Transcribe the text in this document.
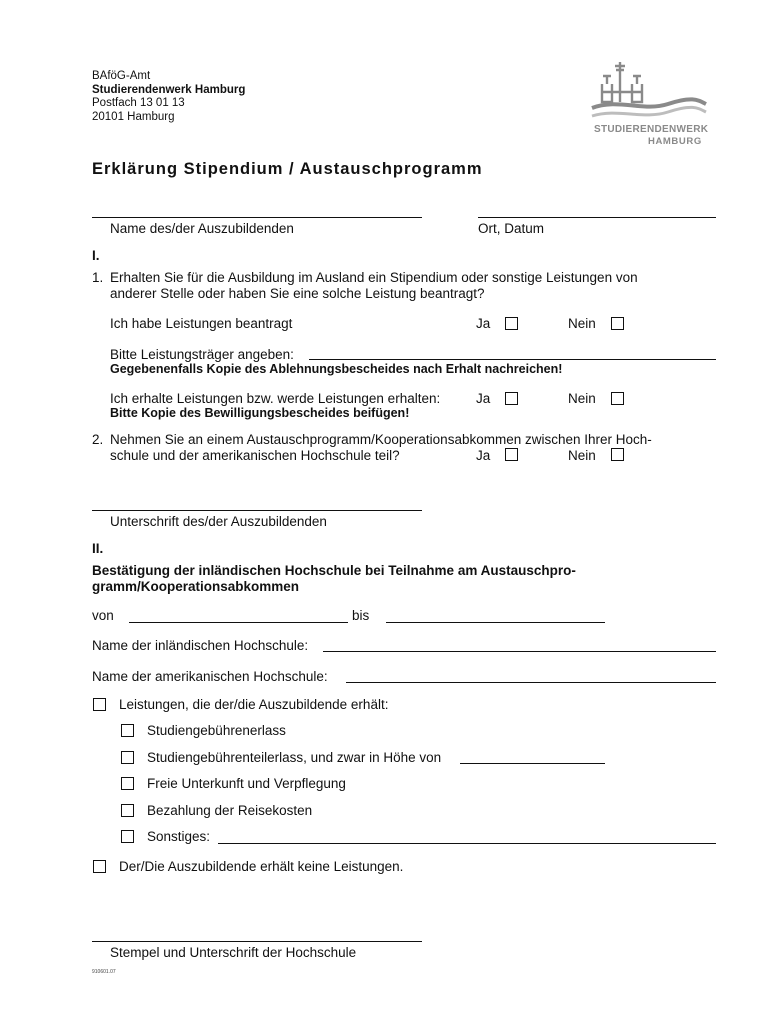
BAföG-Amt
Studierendenwerk Hamburg
Postfach 13 01 13
20101 Hamburg
STUDIERENDENWERK
HAMBURG
Erklärung Stipendium / Austauschprogramm
Name des/der Auszubildenden	Ort, Datum
I.
1. Erhalten Sie für die Ausbildung im Ausland ein Stipendium oder sonstige Leistungen von
anderer Stelle oder haben Sie eine solche Leistung beantragt?
Ich habe Leistungen beantragt	Ja	Nein
Bitte Leistungsträger angeben:
Gegebenenfalls Kopie des Ablehnungsbescheides nach Erhalt nachreichen!
Ich erhalte Leistungen bzw. werde Leistungen erhalten:	Ja	Nein
Bitte Kopie des Bewilligungsbescheides beifügen!
2. Nehmen Sie an einem Austauschprogramm/Kooperationsabkommen zwischen Ihrer Hoch-
schule und der amerikanischen Hochschule teil?	Ja	Nein
Unterschrift des/der Auszubildenden
II.
Bestätigung der inländischen Hochschule bei Teilnahme am Austauschpro-
gramm/Kooperationsabkommen
von	bis
Name der inländischen Hochschule:
Name der amerikanischen Hochschule:
Leistungen, die der/die Auszubildende erhält:
Studiengebührenerlass
Studiengebührenteilerlass, und zwar in Höhe von
Freie Unterkunft und Verpflegung
Bezahlung der Reisekosten
Sonstiges:
Der/Die Auszubildende erhält keine Leistungen.
Stempel und Unterschrift der Hochschule
910601.07
